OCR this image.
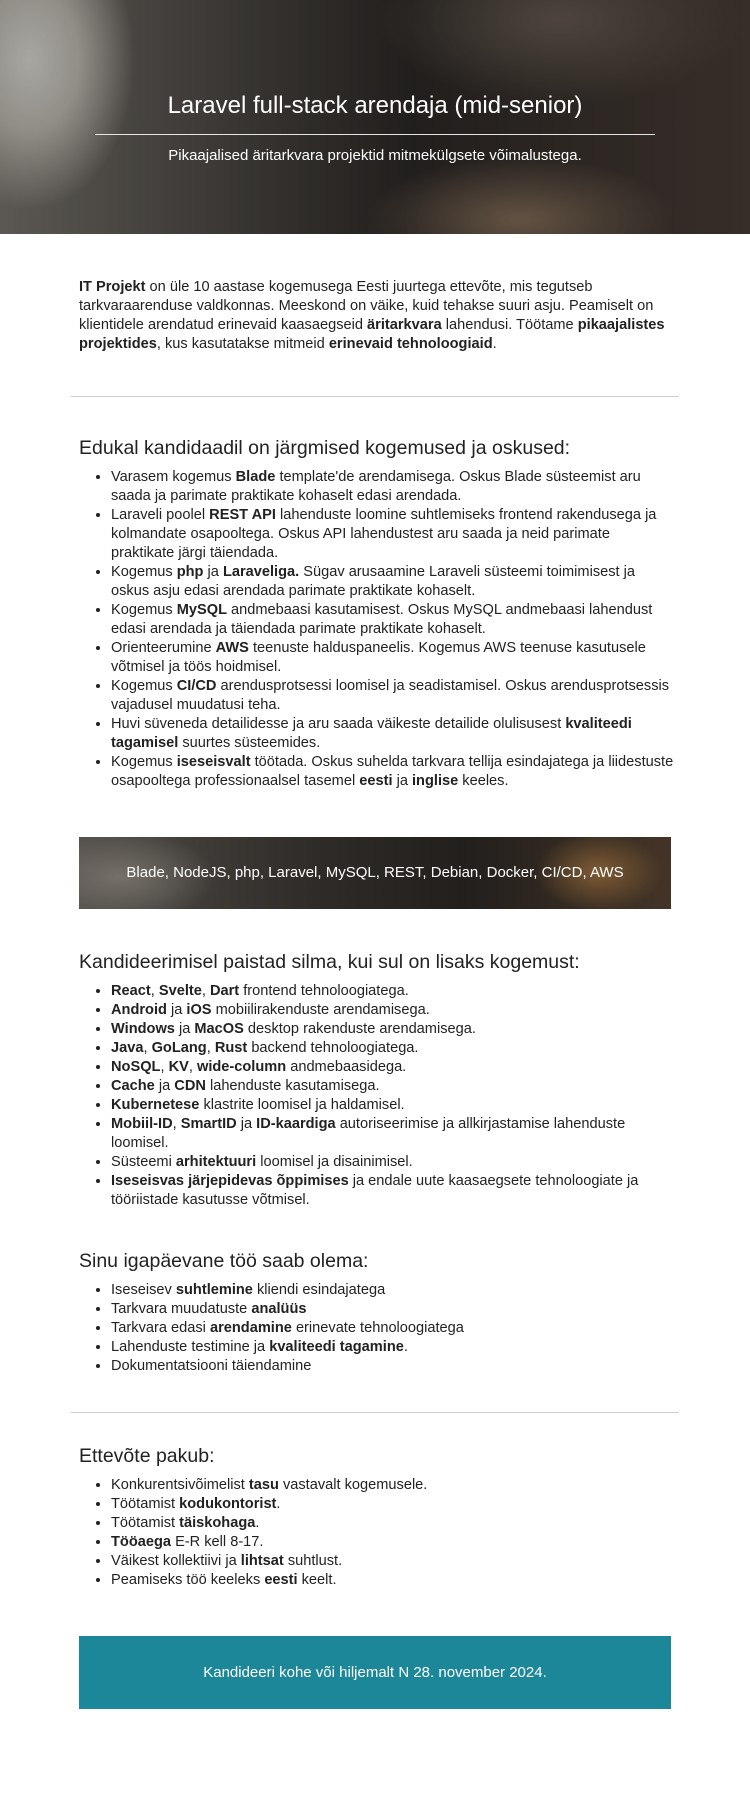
Laravel full-stack arendaja (mid-senior)

Pikaajalised äritarkvara projektid mitmekülgsete võimalustega.

IT Projekt on üle 10 aastase kogemusega Eesti juurtega ettevõte, mis tegutseb tarkvaraarenduse valdkonnas. Meeskond on väike, kuid tehakse suuri asju. Peamiselt on klientidele arendatud erinevaid kaasaegseid äritarkvara lahendusi. Töötame pikaajalistes projektides, kus kasutatakse mitmeid erinevaid tehnoloogiaid.

Edukal kandidaadil on järgmised kogemused ja oskused:
• Varasem kogemus Blade template'de arendamisega. Oskus Blade süsteemist aru saada ja parimate praktikate kohaselt edasi arendada.
• Laraveli poolel REST API lahenduste loomine suhtlemiseks frontend rakendusega ja kolmandate osapooltega. Oskus API lahendustest aru saada ja neid parimate praktikate järgi täiendada.
• Kogemus php ja Laraveliga. Sügav arusaamine Laraveli süsteemi toimimisest ja oskus asju edasi arendada parimate praktikate kohaselt.
• Kogemus MySQL andmebaasi kasutamisest. Oskus MySQL andmebaasi lahendust edasi arendada ja täiendada parimate praktikate kohaselt.
• Orienteerumine AWS teenuste halduspaneelis. Kogemus AWS teenuse kasutusele võtmisel ja töös hoidmisel.
• Kogemus CI/CD arendusprotsessi loomisel ja seadistamisel. Oskus arendusprotsessis vajadusel muudatusi teha.
• Huvi süveneda detailidesse ja aru saada väikeste detailide olulisusest kvaliteedi tagamisel suurtes süsteemides.
• Kogemus iseseisvalt töötada. Oskus suhelda tarkvara tellija esindajatega ja liidestuste osapooltega professionaalsel tasemel eesti ja inglise keeles.
Blade, NodeJS, php, Laravel, MySQL, REST, Debian, Docker, CI/CD, AWS
Kandideerimisel paistad silma, kui sul on lisaks kogemust:
• React, Svelte, Dart frontend tehnoloogiatega.
• Android ja iOS mobiilirakenduste arendamisega.
• Windows ja MacOS desktop rakenduste arendamisega.
• Java, GoLang, Rust backend tehnoloogiatega.
• NoSQL, KV, wide-column andmebaasidega.
• Cache ja CDN lahenduste kasutamisega.
• Kubernetese klastrite loomisel ja haldamisel.
• Mobiil-ID, SmartID ja ID-kaardiga autoriseerimise ja allkirjastamise lahenduste loomisel.
• Süsteemi arhitektuuri loomisel ja disainimisel.
• Iseseisvas järjepidevas õppimises ja endale uute kaasaegsete tehnoloogiate ja tööriistade kasutusse võtmisel.
Sinu igapäevane töö saab olema:
• Iseseisev suhtlemine kliendi esindajatega
• Tarkvara muudatuste analüüs
• Tarkvara edasi arendamine erinevate tehnoloogiatega
• Lahenduste testimine ja kvaliteedi tagamine.
• Dokumentatsiooni täiendamine
Ettevõte pakub:
• Konkurentsivõimelist tasu vastavalt kogemusele.
• Töötamist kodukontorist.
• Töötamist täiskohaga.
• Tööaega E-R kell 8-17.
• Väikest kollektiivi ja lihtsat suhtlust.
• Peamiseks töö keeleks eesti keelt.
Kandideeri kohe või hiljemalt N 28. november 2024.
